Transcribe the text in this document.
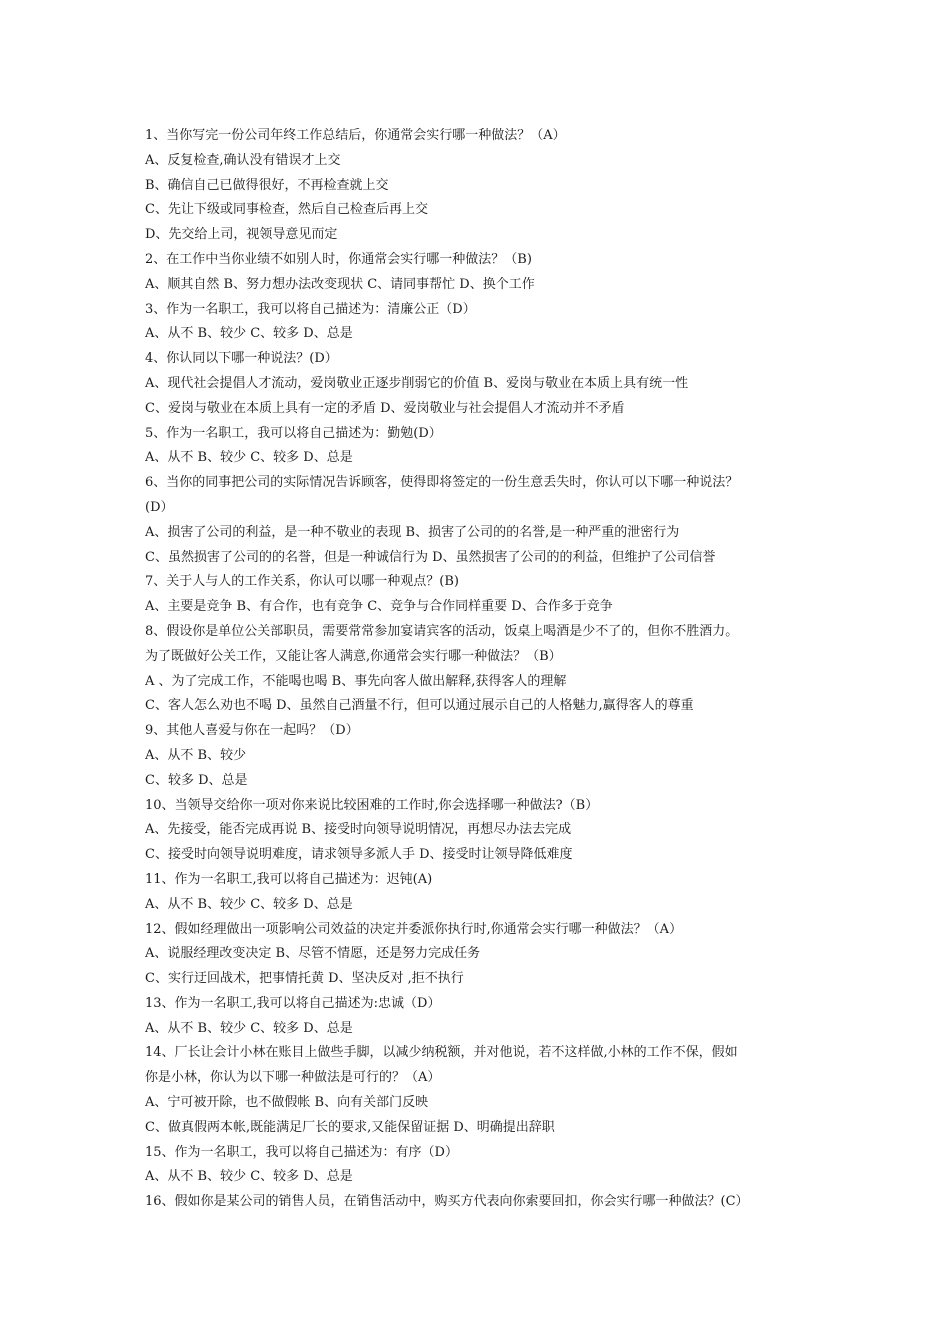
1、当你写完一份公司年终工作总结后，你通常会实行哪一种做法？（A）
A、反复检查,确认没有错误才上交
B、确信自己已做得很好，不再检查就上交
C、先让下级或同事检查，然后自己检查后再上交
D、先交给上司，视领导意见而定
2、在工作中当你业绩不如别人时，你通常会实行哪一种做法？（B)
A、顺其自然 B、努力想办法改变现状 C、请同事帮忙 D、换个工作
3、作为一名职工，我可以将自己描述为：清廉公正（D）
A、从不 B、较少 C、较多 D、总是
4、你认同以下哪一种说法？(D）
A、现代社会提倡人才流动，爱岗敬业正逐步削弱它的价值 B、爱岗与敬业在本质上具有统一性
C、爱岗与敬业在本质上具有一定的矛盾 D、爱岗敬业与社会提倡人才流动并不矛盾
5、作为一名职工，我可以将自己描述为：勤勉(D）
A、从不 B、较少 C、较多 D、总是
6、当你的同事把公司的实际情况告诉顾客，使得即将签定的一份生意丢失时，你认可以下哪一种说法？
(D）
A、损害了公司的利益，是一种不敬业的表现 B、损害了公司的的名誉,是一种严重的泄密行为
C、虽然损害了公司的的名誉，但是一种诚信行为 D、虽然损害了公司的的利益，但维护了公司信誉
7、关于人与人的工作关系，你认可以哪一种观点？(B)
A、主要是竞争 B、有合作，也有竞争 C、竞争与合作同样重要 D、合作多于竞争
8、假设你是单位公关部职员，需要常常参加宴请宾客的活动，饭桌上喝酒是少不了的，但你不胜酒力。
为了既做好公关工作，又能让客人满意,你通常会实行哪一种做法？（B）
A 、为了完成工作，不能喝也喝 B、事先向客人做出解释,获得客人的理解
C、客人怎么劝也不喝 D、虽然自己酒量不行，但可以通过展示自己的人格魅力,赢得客人的尊重
9、其他人喜爱与你在一起吗？（D）
A、从不 B、较少
C、较多 D、总是
10、当领导交给你一项对你来说比较困难的工作时,你会选择哪一种做法?（B）
A、先接受，能否完成再说 B、接受时向领导说明情况，再想尽办法去完成
C、接受时向领导说明难度，请求领导多派人手 D、接受时让领导降低难度
11、作为一名职工,我可以将自己描述为：迟钝(A)
A、从不 B、较少 C、较多 D、总是
12、假如经理做出一项影响公司效益的决定并委派你执行时,你通常会实行哪一种做法？（A）
A、说服经理改变决定 B、尽管不情愿，还是努力完成任务
C、实行迂回战术，把事情托黄 D、坚决反对 ,拒不执行
13、作为一名职工,我可以将自己描述为:忠诚（D）
A、从不 B、较少 C、较多 D、总是
14、厂长让会计小林在账目上做些手脚，以减少纳税额，并对他说，若不这样做,小林的工作不保，假如
你是小林，你认为以下哪一种做法是可行的？（A）
A、宁可被开除，也不做假帐 B、向有关部门反映
C、做真假两本帐,既能满足厂长的要求,又能保留证据 D、明确提出辞职
15、作为一名职工，我可以将自己描述为：有序（D）
A、从不 B、较少 C、较多 D、总是
16、假如你是某公司的销售人员，在销售活动中，购买方代表向你索要回扣，你会实行哪一种做法？(C）
